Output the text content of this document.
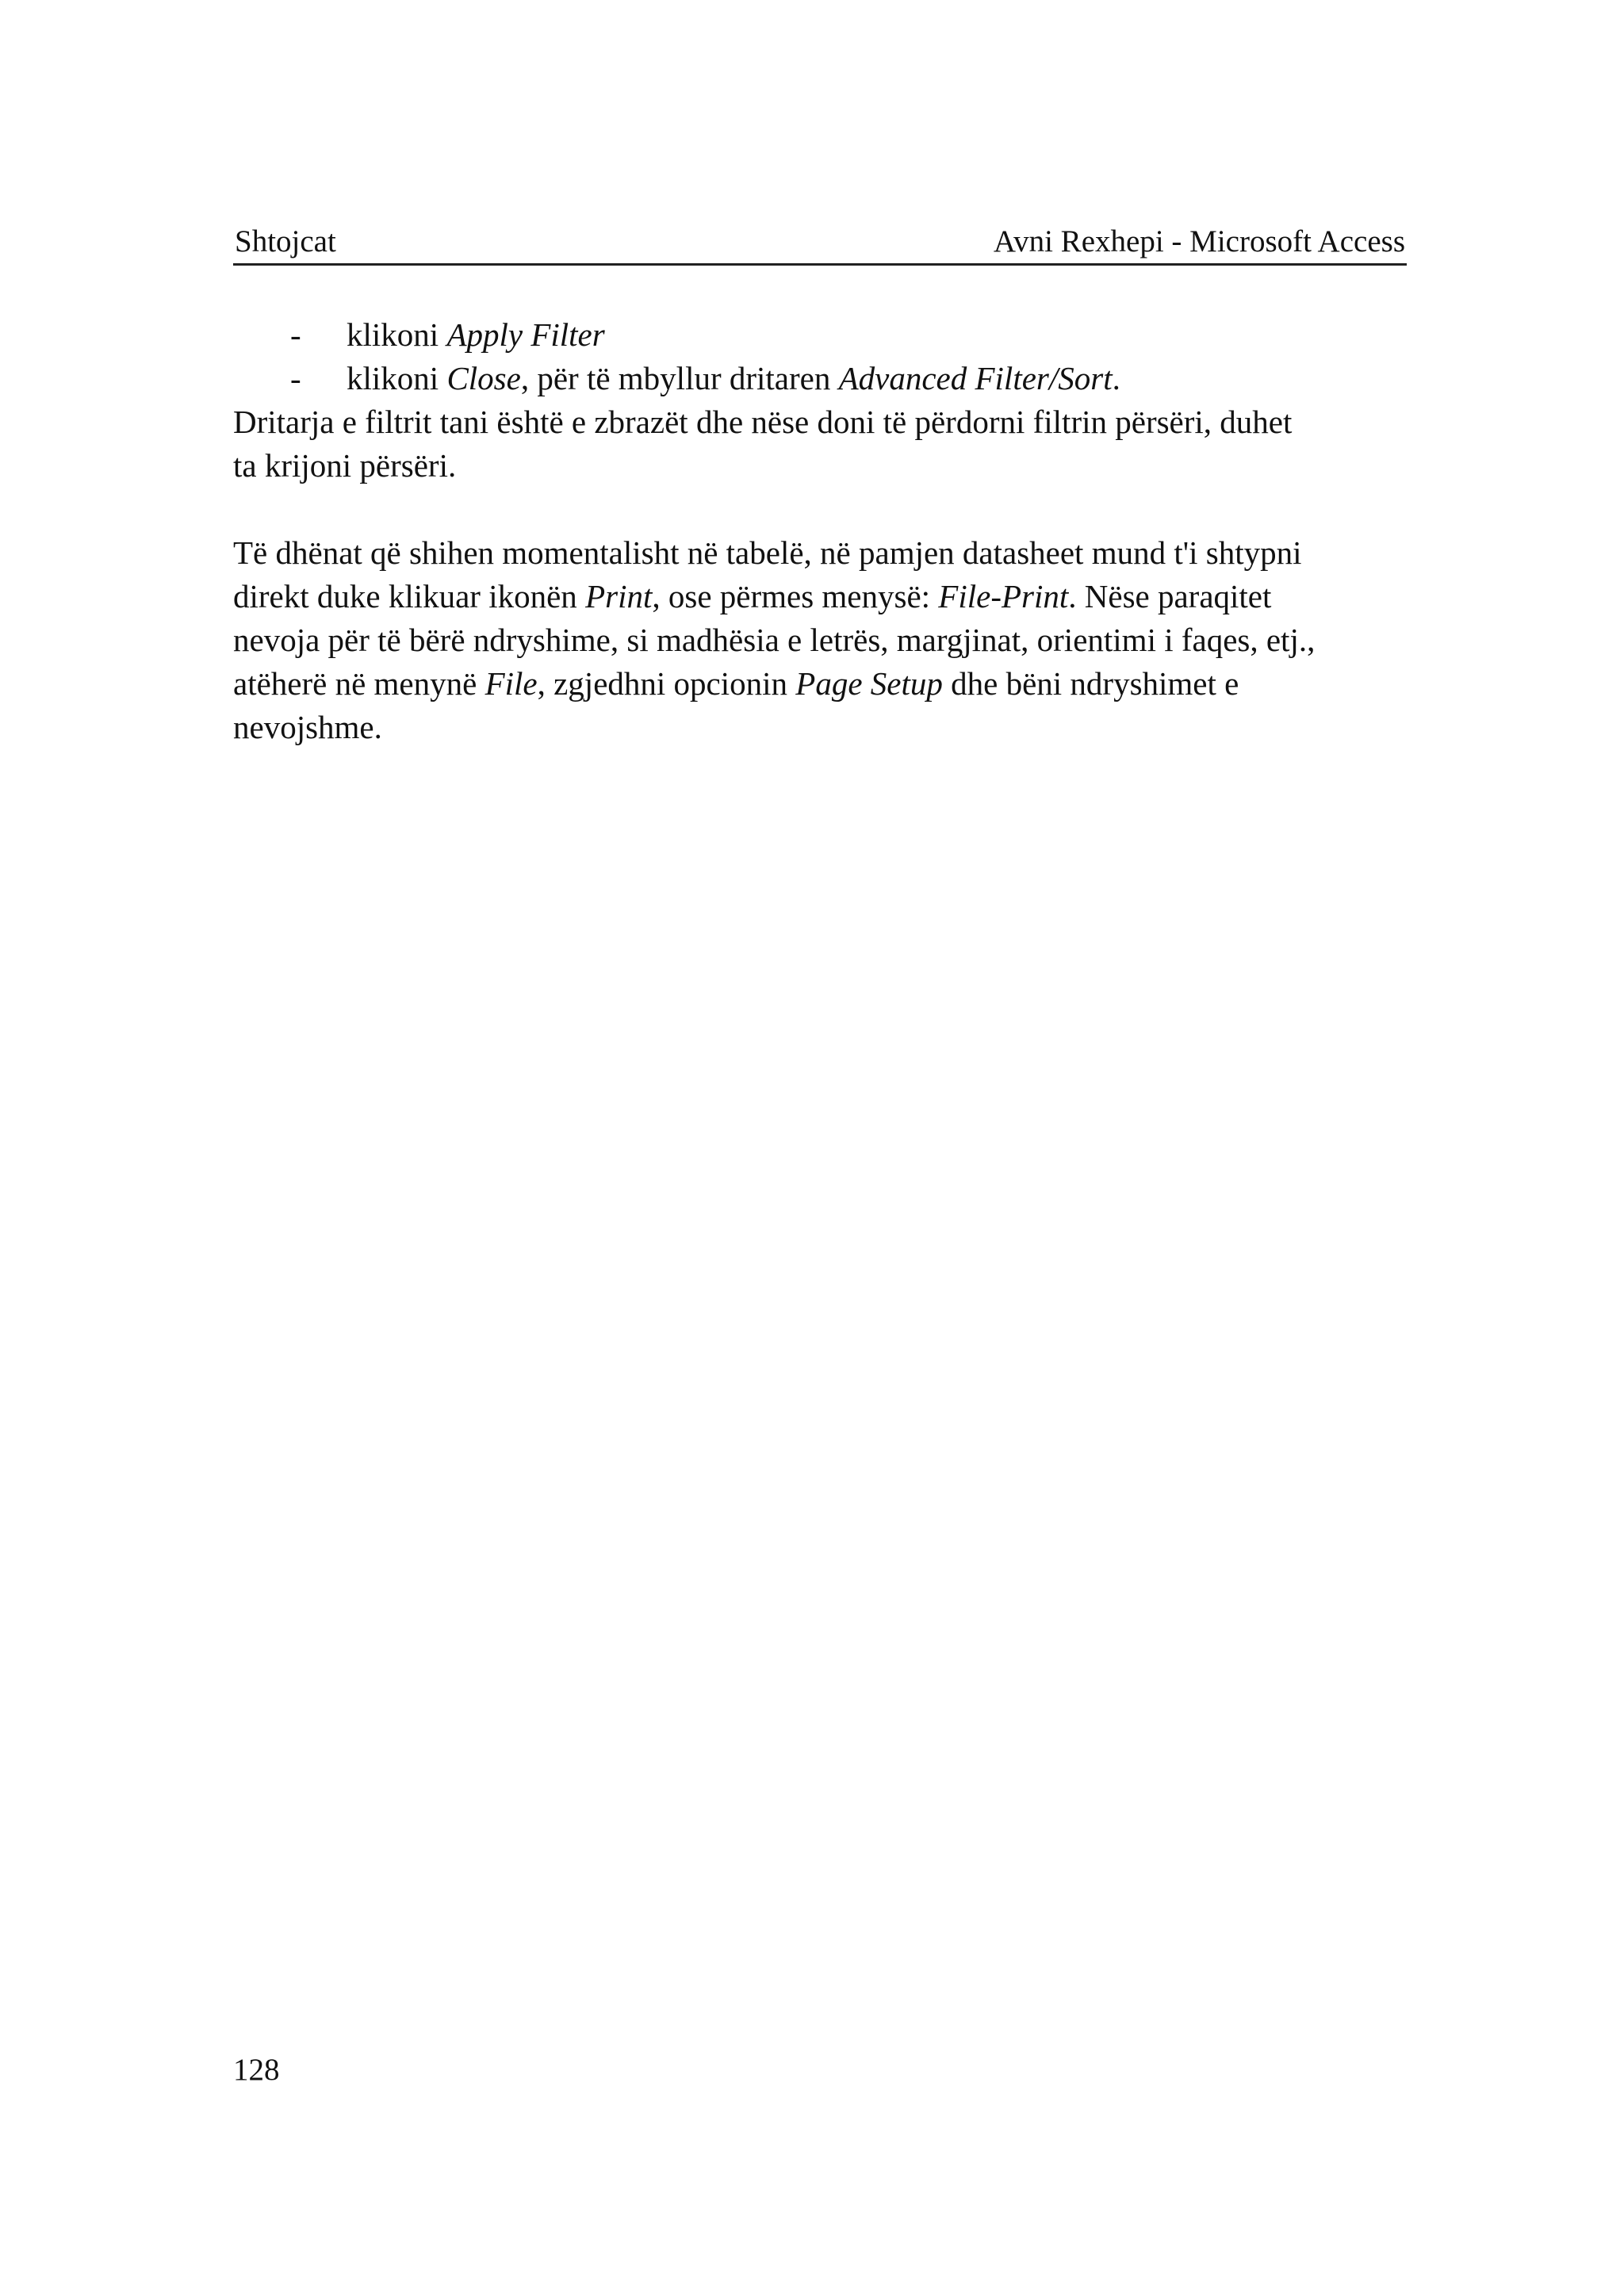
Shtojcat	Avni Rexhepi - Microsoft Access
- klikoni Apply Filter
- klikoni Close, për të mbyllur dritaren Advanced Filter/Sort.

Dritarja e filtrit tani është e zbrazët dhe nëse doni të përdorni filtrin përsëri, duhet
ta krijoni përsëri.

Të dhënat që shihen momentalisht në tabelë, në pamjen datasheet mund t'i shtypni
direkt duke klikuar ikonën Print, ose përmes menysë: File-Print. Nëse paraqitet
nevoja për të bërë ndryshime, si madhësia e letrës, margjinat, orientimi i faqes, etj.,
atëherë në menynë File, zgjedhni opcionin Page Setup dhe bëni ndryshimet e
nevojshme.

128
